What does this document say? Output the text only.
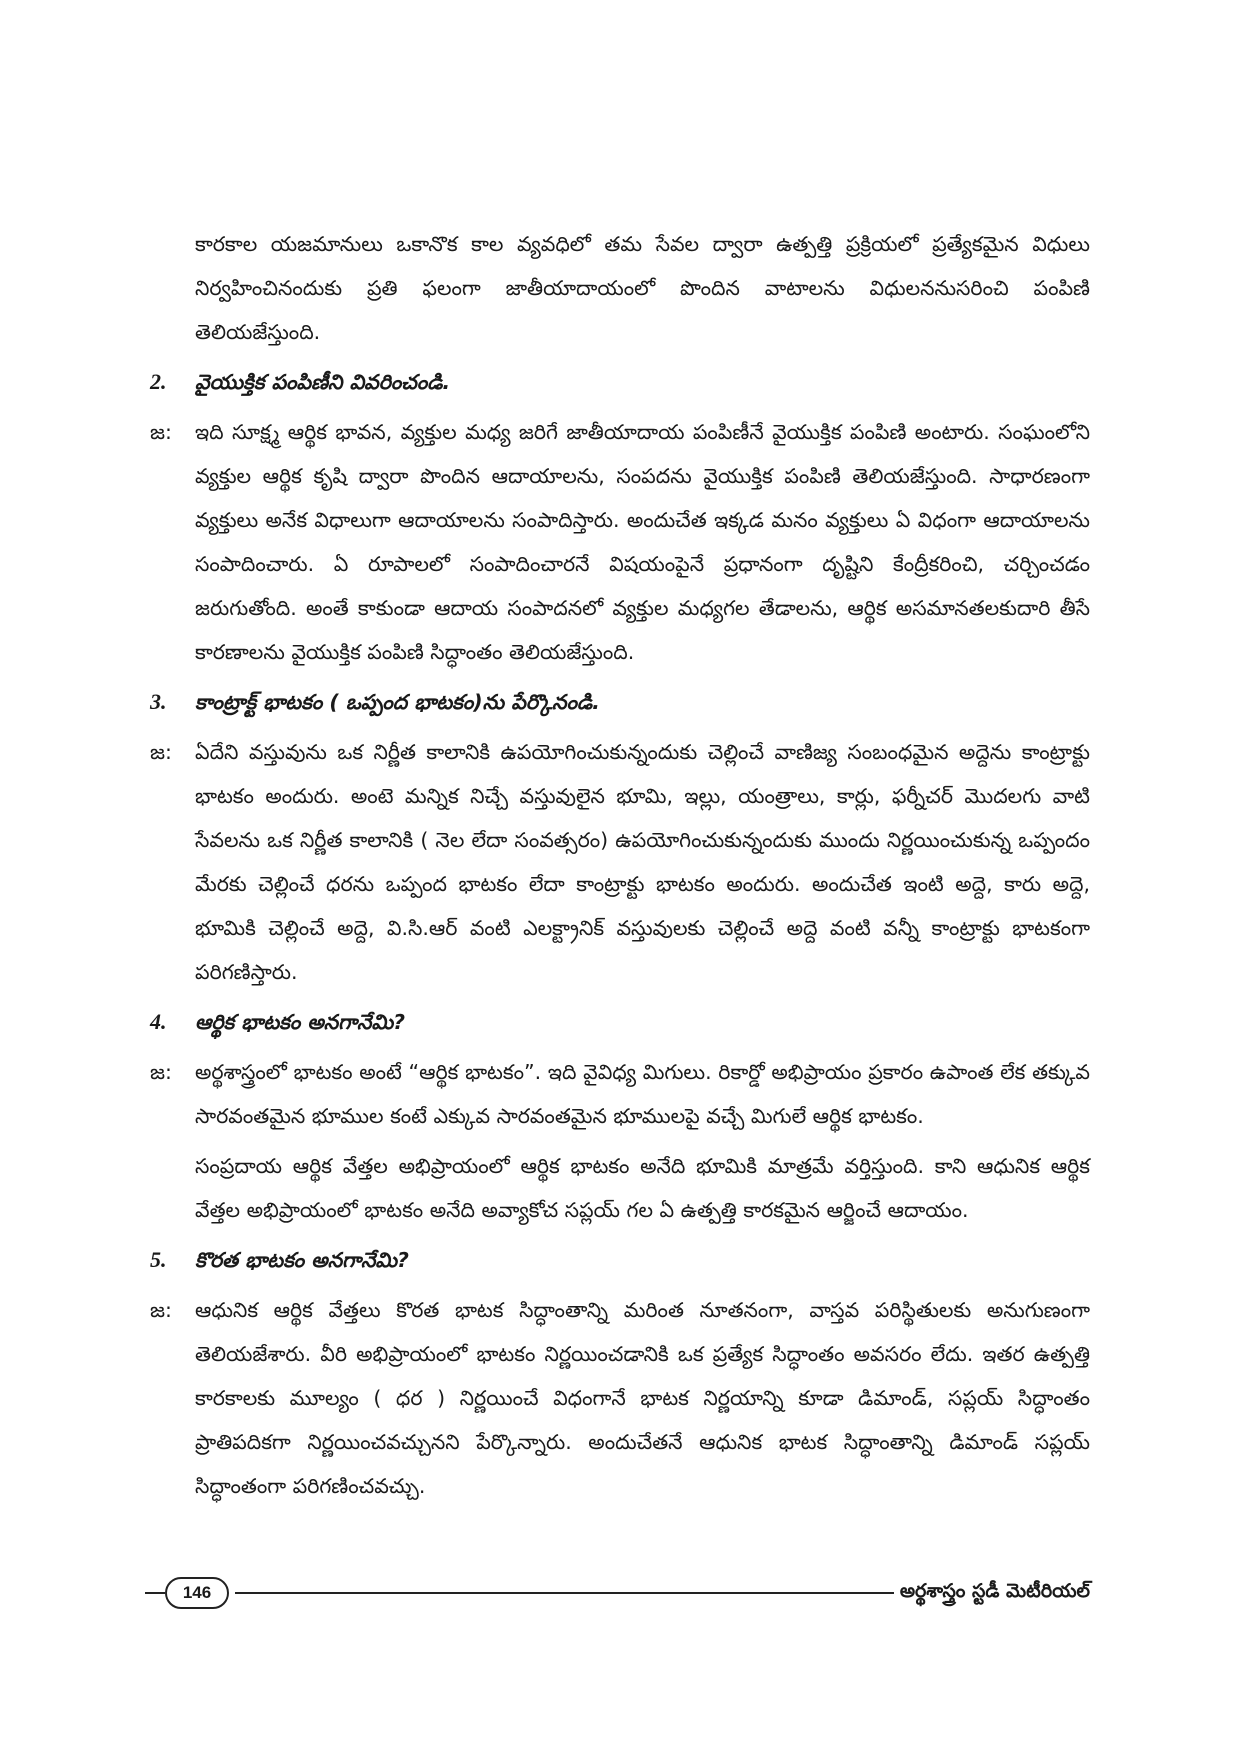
కారకాల యజమానులు ఒకానొక కాల వ్యవధిలో తమ సేవల ద్వారా ఉత్పత్తి ప్రక్రియలో ప్రత్యేకమైన విధులు నిర్వహించినందుకు ప్రతి ఫలంగా జాతీయాదాయంలో పొందిన వాటాలను విధులననుసరించి పంపిణి తెలియజేస్తుంది.

2.	వైయుక్తిక పంపిణీని వివరించండి.
జ:	ఇది సూక్ష్మ ఆర్థిక భావన, వ్యక్తుల మధ్య జరిగే జాతీయాదాయ పంపిణీనే వైయుక్తిక పంపిణి అంటారు. సంఘంలోని వ్యక్తుల ఆర్థిక కృషి ద్వారా పొందిన ఆదాయాలను, సంపదను వైయుక్తిక పంపిణి తెలియజేస్తుంది. సాధారణంగా వ్యక్తులు అనేక విధాలుగా ఆదాయాలను సంపాదిస్తారు. అందుచేత ఇక్కడ మనం వ్యక్తులు ఏ విధంగా ఆదాయాలను సంపాదించారు. ఏ రూపాలలో సంపాదించారనే విషయంపైనే ప్రధానంగా దృష్టిని కేంద్రీకరించి, చర్చించడం జరుగుతోంది. అంతే కాకుండా ఆదాయ సంపాదనలో వ్యక్తుల మధ్యగల తేడాలను, ఆర్థిక అసమానతలకుదారి తీసే కారణాలను వైయుక్తిక పంపిణి సిద్ధాంతం తెలియజేస్తుంది.

3.	కాంట్రాక్ట్ భాటకం ( ఒప్పంద భాటకం)ను పేర్కొనండి.
జ:	ఏదేని వస్తువును ఒక నిర్ణీత కాలానికి ఉపయోగించుకున్నందుకు చెల్లించే వాణిజ్య సంబంధమైన అద్దెను కాంట్రాక్టు భాటకం అందురు. అంటె మన్నిక నిచ్చే వస్తువులైన భూమి, ఇల్లు, యంత్రాలు, కార్లు, ఫర్నీచర్ మొదలగు వాటి సేవలను ఒక నిర్ణీత కాలానికి ( నెల లేదా సంవత్సరం) ఉపయోగించుకున్నందుకు ముందు నిర్ణయించుకున్న ఒప్పందం మేరకు చెల్లించే ధరను ఒప్పంద భాటకం లేదా కాంట్రాక్టు భాటకం అందురు. అందుచేత ఇంటి అద్దె, కారు అద్దె, భూమికి చెల్లించే అద్దె, వి.సి.ఆర్ వంటి ఎలక్ట్రానిక్ వస్తువులకు చెల్లించే అద్దె వంటి వన్నీ కాంట్రాక్టు భాటకంగా పరిగణిస్తారు.

4.	ఆర్థిక భాటకం అనగానేమి?
జ:	అర్థశాస్త్రంలో భాటకం అంటే “ఆర్థిక భాటకం”. ఇది వైవిధ్య మిగులు. రికార్డో అభిప్రాయం ప్రకారం ఉపాంత లేక తక్కువ సారవంతమైన భూముల కంటే ఎక్కువ సారవంతమైన భూములపై వచ్చే మిగులే ఆర్థిక భాటకం.

సంప్రదాయ ఆర్థిక వేత్తల అభిప్రాయంలో ఆర్థిక భాటకం అనేది భూమికి మాత్రమే వర్తిస్తుంది. కాని ఆధునిక ఆర్థిక వేత్తల అభిప్రాయంలో భాటకం అనేది అవ్యాకోచ సప్లయ్ గల ఏ ఉత్పత్తి కారకమైన ఆర్జించే ఆదాయం.

5.	కొరత భాటకం అనగానేమి?
జ:	ఆధునిక ఆర్థిక వేత్తలు కొరత భాటక సిద్ధాంతాన్ని మరింత నూతనంగా, వాస్తవ పరిస్థితులకు అనుగుణంగా తెలియజేశారు. వీరి అభిప్రాయంలో భాటకం నిర్ణయించడానికి ఒక ప్రత్యేక సిద్ధాంతం అవసరం లేదు. ఇతర ఉత్పత్తి కారకాలకు మూల్యం ( ధర ) నిర్ణయించే విధంగానే భాటక నిర్ణయాన్ని కూడా డిమాండ్, సప్లయ్ సిద్ధాంతం ప్రాతిపదికగా నిర్ణయించవచ్చునని పేర్కొన్నారు. అందుచేతనే ఆధునిక భాటక సిద్ధాంతాన్ని డిమాండ్ సప్లయ్ సిద్ధాంతంగా పరిగణించవచ్చు.

146	అర్థశాస్త్రం స్టడీ మెటీరియల్
